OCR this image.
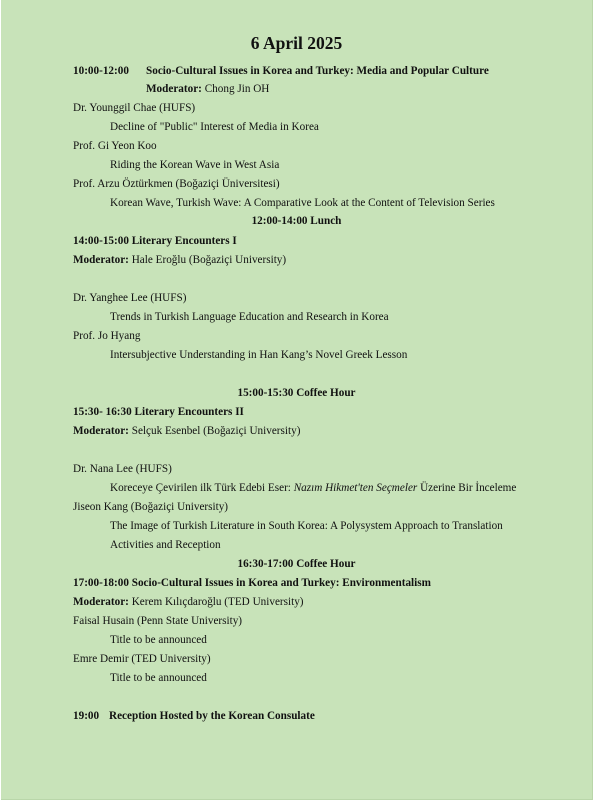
6 April 2025
10:00-12:00 Socio-Cultural Issues in Korea and Turkey: Media and Popular Culture
Moderator: Chong Jin OH
Dr. Younggil Chae (HUFS)
Decline of "Public" Interest of Media in Korea
Prof. Gi Yeon Koo
Riding the Korean Wave in West Asia
Prof. Arzu Öztürkmen (Boğaziçi Üniversitesi)
Korean Wave, Turkish Wave: A Comparative Look at the Content of Television Series
12:00-14:00 Lunch
14:00-15:00 Literary Encounters I
Moderator: Hale Eroğlu (Boğaziçi University)
Dr. Yanghee Lee (HUFS)
Trends in Turkish Language Education and Research in Korea
Prof. Jo Hyang
Intersubjective Understanding in Han Kang’s Novel Greek Lesson
15:00-15:30 Coffee Hour
15:30- 16:30 Literary Encounters II
Moderator: Selçuk Esenbel (Boğaziçi University)
Dr. Nana Lee (HUFS)
Koreceye Çevirilen ilk Türk Edebi Eser: Nazım Hikmet'ten Seçmeler Üzerine Bir İnceleme
Jiseon Kang (Boğaziçi University)
The Image of Turkish Literature in South Korea: A Polysystem Approach to Translation
Activities and Reception
16:30-17:00 Coffee Hour
17:00-18:00 Socio-Cultural Issues in Korea and Turkey: Environmentalism
Moderator: Kerem Kılıçdaroğlu (TED University)
Faisal Husain (Penn State University)
Title to be announced
Emre Demir (TED University)
Title to be announced
19:00 Reception Hosted by the Korean Consulate
